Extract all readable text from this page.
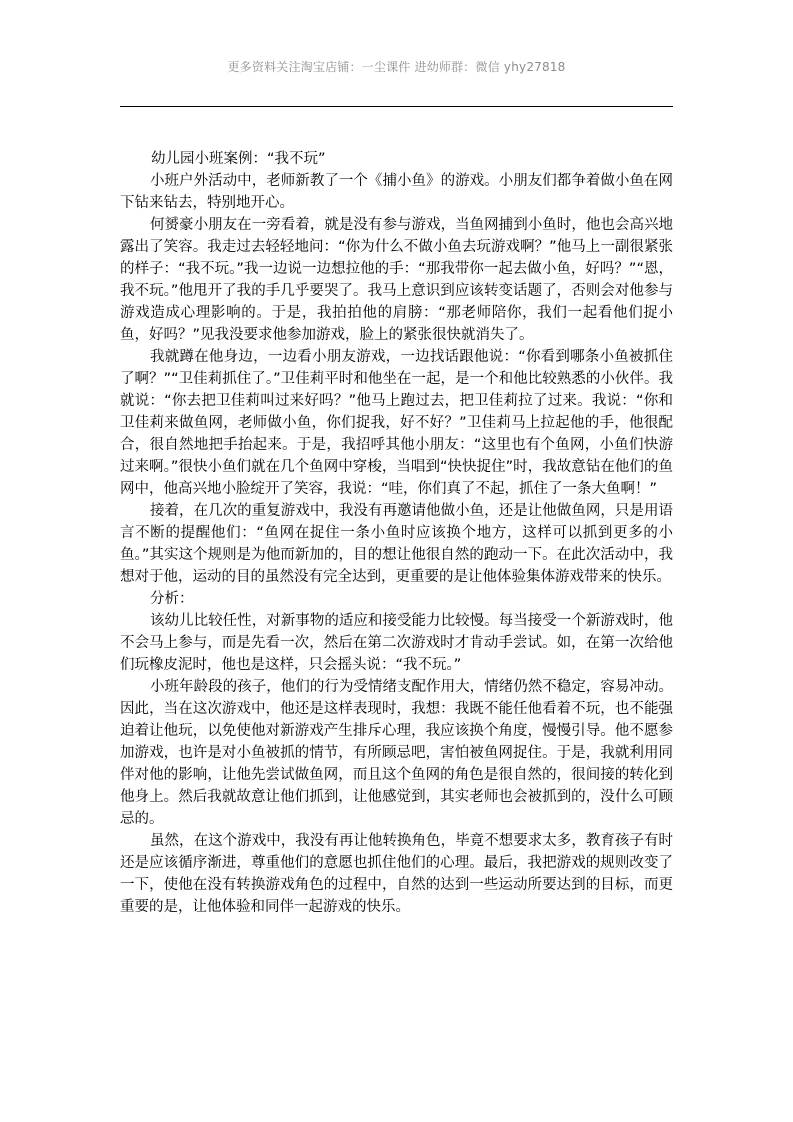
更多资料关注淘宝店铺：一尘课件 进幼师群：微信 yhy27818

幼儿园小班案例：“我不玩”

小班户外活动中，老师新教了一个《捕小鱼》的游戏。小朋友们都争着做小鱼在网下钻来钻去，特别地开心。

何赟豪小朋友在一旁看着，就是没有参与游戏，当鱼网捕到小鱼时，他也会高兴地露出了笑容。我走过去轻轻地问：“你为什么不做小鱼去玩游戏啊？”他马上一副很紧张的样子：“我不玩。”我一边说一边想拉他的手：“那我带你一起去做小鱼，好吗？”“恩，我不玩。”他甩开了我的手几乎要哭了。我马上意识到应该转变话题了，否则会对他参与游戏造成心理影响的。于是，我拍拍他的肩膀：“那老师陪你，我们一起看他们捉小鱼，好吗？”见我没要求他参加游戏，脸上的紧张很快就消失了。

我就蹲在他身边，一边看小朋友游戏，一边找话跟他说：“你看到哪条小鱼被抓住了啊？”“卫佳莉抓住了。”卫佳莉平时和他坐在一起，是一个和他比较熟悉的小伙伴。我就说：“你去把卫佳莉叫过来好吗？”他马上跑过去，把卫佳莉拉了过来。我说：“你和卫佳莉来做鱼网，老师做小鱼，你们捉我，好不好？”卫佳莉马上拉起他的手，他很配合，很自然地把手抬起来。于是，我招呼其他小朋友：“这里也有个鱼网，小鱼们快游过来啊。”很快小鱼们就在几个鱼网中穿梭，当唱到“快快捉住”时，我故意钻在他们的鱼网中，他高兴地小脸绽开了笑容，我说：“哇，你们真了不起，抓住了一条大鱼啊！”

接着，在几次的重复游戏中，我没有再邀请他做小鱼，还是让他做鱼网，只是用语言不断的提醒他们：“鱼网在捉住一条小鱼时应该换个地方，这样可以抓到更多的小鱼。”其实这个规则是为他而新加的，目的想让他很自然的跑动一下。在此次活动中，我想对于他，运动的目的虽然没有完全达到，更重要的是让他体验集体游戏带来的快乐。

分析：

该幼儿比较任性，对新事物的适应和接受能力比较慢。每当接受一个新游戏时，他不会马上参与，而是先看一次，然后在第二次游戏时才肯动手尝试。如，在第一次给他们玩橡皮泥时，他也是这样，只会摇头说：“我不玩。”

小班年龄段的孩子，他们的行为受情绪支配作用大，情绪仍然不稳定，容易冲动。因此，当在这次游戏中，他还是这样表现时，我想：我既不能任他看着不玩，也不能强迫着让他玩，以免使他对新游戏产生排斥心理，我应该换个角度，慢慢引导。他不愿参加游戏，也许是对小鱼被抓的情节，有所顾忌吧，害怕被鱼网捉住。于是，我就利用同伴对他的影响，让他先尝试做鱼网，而且这个鱼网的角色是很自然的，很间接的转化到他身上。然后我就故意让他们抓到，让他感觉到，其实老师也会被抓到的，没什么可顾忌的。

虽然，在这个游戏中，我没有再让他转换角色，毕竟不想要求太多，教育孩子有时还是应该循序渐进，尊重他们的意愿也抓住他们的心理。最后，我把游戏的规则改变了一下，使他在没有转换游戏角色的过程中，自然的达到一些运动所要达到的目标，而更重要的是，让他体验和同伴一起游戏的快乐。
